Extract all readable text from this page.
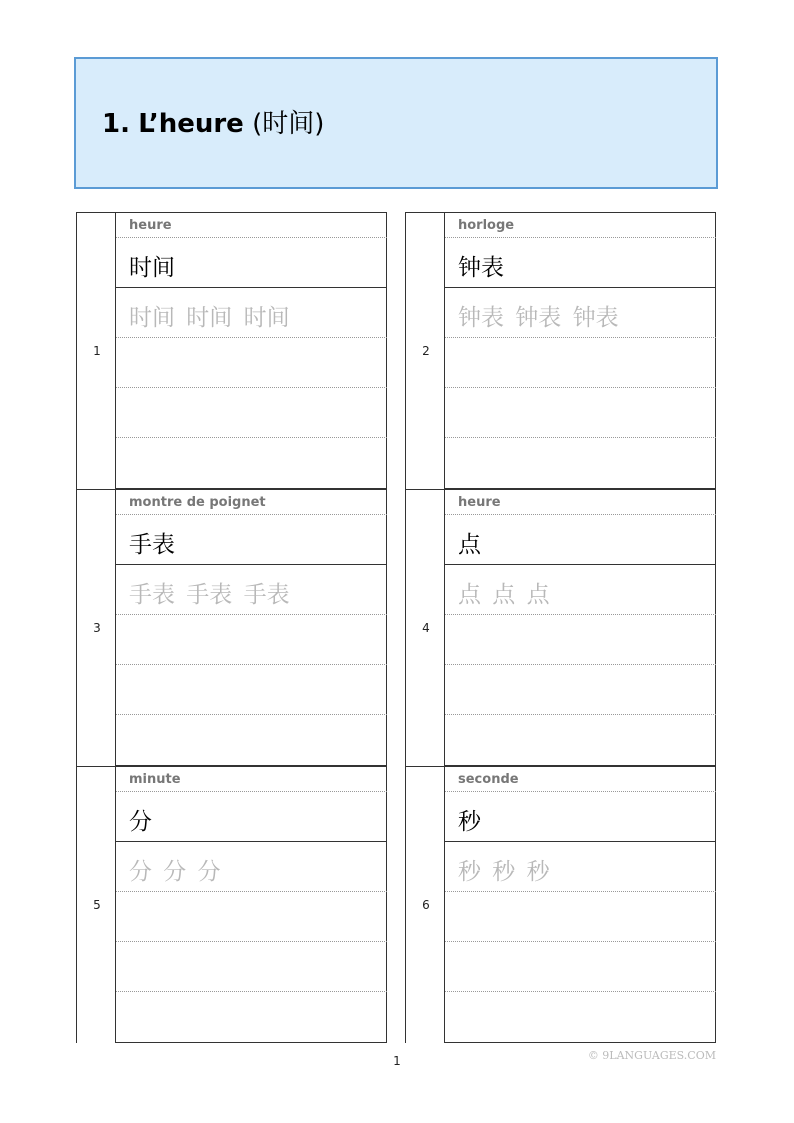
1. L’heure (时间)
1
heure
时间
时间 时间 时间
2
horloge
钟表
钟表 钟表 钟表
3
montre de poignet
手表
手表 手表 手表
4
heure
点
点 点 点
5
minute
分
分 分 分
6
seconde
秒
秒 秒 秒
1	© 9LANGUAGES.COM
